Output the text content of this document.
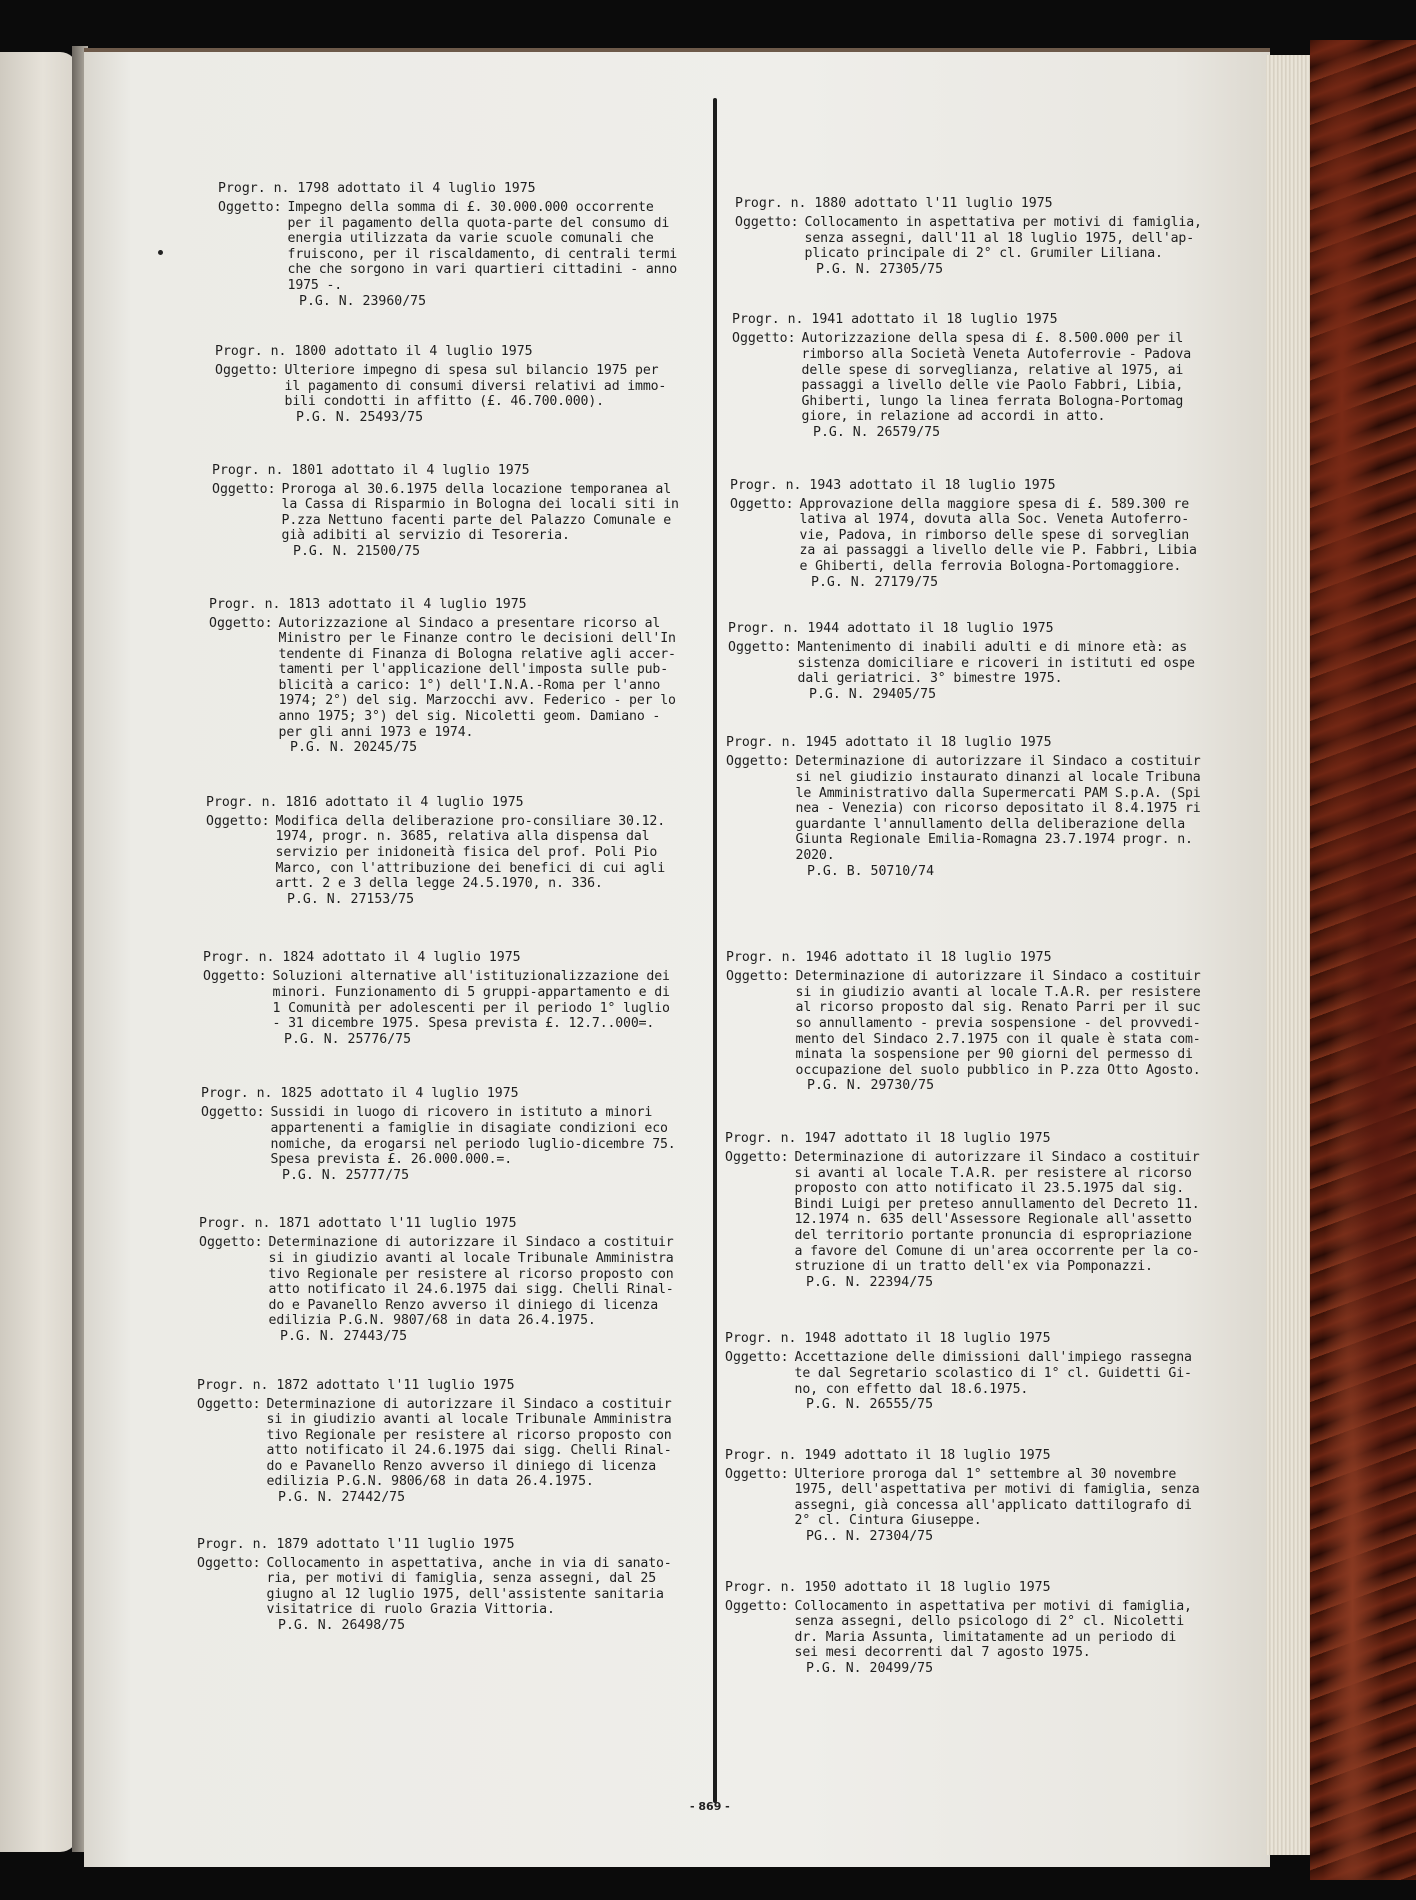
Progr. n. 1798 adottato il 4 luglio 1975
Oggetto: Impegno della somma di £. 30.000.000 occorrente
per il pagamento della quota-parte del consumo di
energia utilizzata da varie scuole comunali che
fruiscono, per il riscaldamento, di centrali termi
che che sorgono in vari quartieri cittadini - anno
1975 -.
P.G. N. 23960/75
Progr. n. 1800 adottato il 4 luglio 1975
Oggetto: Ulteriore impegno di spesa sul bilancio 1975 per
il pagamento di consumi diversi relativi ad immo-
bili condotti in affitto (£. 46.700.000).
P.G. N. 25493/75
Progr. n. 1801 adottato il 4 luglio 1975
Oggetto: Proroga al 30.6.1975 della locazione temporanea al
la Cassa di Risparmio in Bologna dei locali siti in
P.zza Nettuno facenti parte del Palazzo Comunale e
già adibiti al servizio di Tesoreria.
P.G. N. 21500/75
Progr. n. 1813 adottato il 4 luglio 1975
Oggetto: Autorizzazione al Sindaco a presentare ricorso al
Ministro per le Finanze contro le decisioni dell'In
tendente di Finanza di Bologna relative agli accer-
tamenti per l'applicazione dell'imposta sulle pub-
blicità a carico: 1°) dell'I.N.A.-Roma per l'anno
1974; 2°) del sig. Marzocchi avv. Federico - per lo
anno 1975; 3°) del sig. Nicoletti geom. Damiano -
per gli anni 1973 e 1974.
P.G. N. 20245/75
Progr. n. 1816 adottato il 4 luglio 1975
Oggetto: Modifica della deliberazione pro-consiliare 30.12.
1974, progr. n. 3685, relativa alla dispensa dal
servizio per inidoneità fisica del prof. Poli Pio
Marco, con l'attribuzione dei benefici di cui agli
artt. 2 e 3 della legge 24.5.1970, n. 336.
P.G. N. 27153/75
Progr. n. 1824 adottato il 4 luglio 1975
Oggetto: Soluzioni alternative all'istituzionalizzazione dei
minori. Funzionamento di 5 gruppi-appartamento e di
1 Comunità per adolescenti per il periodo 1° luglio
- 31 dicembre 1975. Spesa prevista £. 12.7..000=.
P.G. N. 25776/75
Progr. n. 1825 adottato il 4 luglio 1975
Oggetto: Sussidi in luogo di ricovero in istituto a minori
appartenenti a famiglie in disagiate condizioni eco
nomiche, da erogarsi nel periodo luglio-dicembre 75.
Spesa prevista £. 26.000.000.=.
P.G. N. 25777/75
Progr. n. 1871 adottato l'11 luglio 1975
Oggetto: Determinazione di autorizzare il Sindaco a costituir
si in giudizio avanti al locale Tribunale Amministra
tivo Regionale per resistere al ricorso proposto con
atto notificato il 24.6.1975 dai sigg. Chelli Rinal-
do e Pavanello Renzo avverso il diniego di licenza
edilizia P.G.N. 9807/68 in data 26.4.1975.
P.G. N. 27443/75
Progr. n. 1872 adottato l'11 luglio 1975
Oggetto: Determinazione di autorizzare il Sindaco a costituir
si in giudizio avanti al locale Tribunale Amministra
tivo Regionale per resistere al ricorso proposto con
atto notificato il 24.6.1975 dai sigg. Chelli Rinal-
do e Pavanello Renzo avverso il diniego di licenza
edilizia P.G.N. 9806/68 in data 26.4.1975.
P.G. N. 27442/75
Progr. n. 1879 adottato l'11 luglio 1975
Oggetto: Collocamento in aspettativa, anche in via di sanato-
ria, per motivi di famiglia, senza assegni, dal 25
giugno al 12 luglio 1975, dell'assistente sanitaria
visitatrice di ruolo Grazia Vittoria.
P.G. N. 26498/75
Progr. n. 1880 adottato l'11 luglio 1975
Oggetto: Collocamento in aspettativa per motivi di famiglia,
senza assegni, dall'11 al 18 luglio 1975, dell'ap-
plicato principale di 2° cl. Grumiler Liliana.
P.G. N. 27305/75
Progr. n. 1941 adottato il 18 luglio 1975
Oggetto: Autorizzazione della spesa di £. 8.500.000 per il
rimborso alla Società Veneta Autoferrovie - Padova
delle spese di sorveglianza, relative al 1975, ai
passaggi a livello delle vie Paolo Fabbri, Libia,
Ghiberti, lungo la linea ferrata Bologna-Portomag
giore, in relazione ad accordi in atto.
P.G. N. 26579/75
Progr. n. 1943 adottato il 18 luglio 1975
Oggetto: Approvazione della maggiore spesa di £. 589.300 re
lativa al 1974, dovuta alla Soc. Veneta Autoferro-
vie, Padova, in rimborso delle spese di sorveglian
za ai passaggi a livello delle vie P. Fabbri, Libia
e Ghiberti, della ferrovia Bologna-Portomaggiore.
P.G. N. 27179/75
Progr. n. 1944 adottato il 18 luglio 1975
Oggetto: Mantenimento di inabili adulti e di minore età: as
sistenza domiciliare e ricoveri in istituti ed ospe
dali geriatrici. 3° bimestre 1975.
P.G. N. 29405/75
Progr. n. 1945 adottato il 18 luglio 1975
Oggetto: Determinazione di autorizzare il Sindaco a costituir
si nel giudizio instaurato dinanzi al locale Tribuna
le Amministrativo dalla Supermercati PAM S.p.A. (Spi
nea - Venezia) con ricorso depositato il 8.4.1975 ri
guardante l'annullamento della deliberazione della
Giunta Regionale Emilia-Romagna 23.7.1974 progr. n.
2020.
P.G. B. 50710/74
Progr. n. 1946 adottato il 18 luglio 1975
Oggetto: Determinazione di autorizzare il Sindaco a costituir
si in giudizio avanti al locale T.A.R. per resistere
al ricorso proposto dal sig. Renato Parri per il suc
so annullamento - previa sospensione - del provvedi-
mento del Sindaco 2.7.1975 con il quale è stata com-
minata la sospensione per 90 giorni del permesso di
occupazione del suolo pubblico in P.zza Otto Agosto.
P.G. N. 29730/75
Progr. n. 1947 adottato il 18 luglio 1975
Oggetto: Determinazione di autorizzare il Sindaco a costituir
si avanti al locale T.A.R. per resistere al ricorso
proposto con atto notificato il 23.5.1975 dal sig.
Bindi Luigi per preteso annullamento del Decreto 11.
12.1974 n. 635 dell'Assessore Regionale all'assetto
del territorio portante pronuncia di espropriazione
a favore del Comune di un'area occorrente per la co-
struzione di un tratto dell'ex via Pomponazzi.
P.G. N. 22394/75
Progr. n. 1948 adottato il 18 luglio 1975
Oggetto: Accettazione delle dimissioni dall'impiego rassegna
te dal Segretario scolastico di 1° cl. Guidetti Gi-
no, con effetto dal 18.6.1975.
P.G. N. 26555/75
Progr. n. 1949 adottato il 18 luglio 1975
Oggetto: Ulteriore proroga dal 1° settembre al 30 novembre
1975, dell'aspettativa per motivi di famiglia, senza
assegni, già concessa all'applicato dattilografo di
2° cl. Cintura Giuseppe.
PG.. N. 27304/75
Progr. n. 1950 adottato il 18 luglio 1975
Oggetto: Collocamento in aspettativa per motivi di famiglia,
senza assegni, dello psicologo di 2° cl. Nicoletti
dr. Maria Assunta, limitatamente ad un periodo di
sei mesi decorrenti dal 7 agosto 1975.
P.G. N. 20499/75
- 869 -
